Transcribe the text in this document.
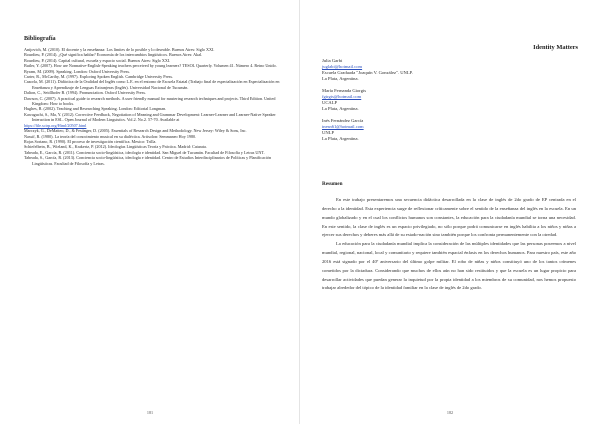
Bibliografía
Anijovich, M. (2010). El docente y la enseñanza: Los límites de lo posible y lo deseable. Buenos Aires: Siglo XXI.
Bourdieu, P. (2014). ¿Qué significa hablar? Economía de los intercambios lingüísticos. Buenos Aires: Akal.
Bourdieu, P. (2014). Capital cultural, escuela y espacio social. Buenos Aires: Siglo XXI.
Butler, Y. (2007). How are Nonnative-English-Speaking teachers perceived by young learners? TESOL Quarterly. Volumen 41. Número 4. Reino Unido.
Byram, M. (2009). Speaking. London: Oxford University Press.
Carter, R., McCarthy, M. (1997). Exploring Spoken English. Cambridge University Press.
Cazorla, M. (2011). Didáctica de la Oralidad del Inglés como L.E. en el entorno de Escuela Estatal (Trabajo final de especialización en Especialización en Enseñanza y Aprendizaje de Lenguas Extranjeras (Inglés). Universidad Nacional de Tucumán.
Dalton, C., Seidlhofer B. (1994). Pronunciation. Oxford University Press.
Dawson, C. (2007). A practical guide to research methods. A user friendly manual for mastering research techniques and projects. Third Edition. United Kingdom: How to books.
Hughes, R. (2002). Teaching and Researching Speaking. London: Editorial Longman.
Kawaguchi, S., Ma, Y. (2012). Corrective Feedback, Negotiation of Meaning and Grammar Development: Learner-Learner and Learner-Native Speaker Interaction in ESL. Open Journal of Modern Linguistics. Vol.2. No.2. 57-70. Available at
https://file.scirp.org/Html/20507.html
Marczyk, G., DeMatteo, D., & Festinger, D. (2005). Essentials of Research Design and Methodology. New Jersey: Wiley & Sons, Inc.
Nassif, R. (1980). La teoría del conocimiento musical en su dialéctica. Artisolon: Semmaneo Hoy 1980.
Rojas Soriano, R. (1990). El proceso de investigación científica. Mexico: Trilla.
Schiefelbein, B., Wieland, K., Krakertz, P. (2012). Ideologías Lingüísticas Teoría y Práctica. Madrid: Catarata.
Tabeada, E., García, R. (2011). Conciencia socio-lingüística, ideología e identidad. San Miguel de Tucumán. Facultad de Filosofía y Letras UNT.
Tabeada, S., García, R. (2013). Conciencia socio-lingüística, ideología e identidad. Centro de Estudios Interdisciplinarios de Políticas y Planificación Lingüísticas. Facultad de Filosofía y Letras.
181
Identity Matters
Julia Garbi
juglabi@hotmail.com
Escuela Graduada "Joaquín V. González". UNLP.
La Plata, Argentina.
María Fernanda Giorgis
fgirgis@hotmail.com
UCALP
La Plata, Argentina.
Inés Fernández García
inesn61@hotmail.com
UNLP
La Plata, Argentina.
Resumen

En este trabajo presentaremos una secuencia didáctica desarrollada en la clase de inglés de 2do grado de EP centrada en el derecho a la identidad. Esta experiencia surge de reflexionar críticamente sobre el sentido de la enseñanza del inglés en la escuela. En un mundo globalizado y en el cual los conflictos humanos son constantes, la educación para la ciudadanía mundial se torna una necesidad. En este sentido, la clase de inglés es un espacio privilegiado, no sólo porque podrá comunicarse en inglés habilita a los niños y niñas a ejercer sus derechos y deberes más allá de su estado-nación sino también porque los confronta permanentemente con la otredad.

La educación para la ciudadanía mundial implica la consideración de las múltiples identidades que las personas poseemos a nivel mundial, regional, nacional, local y comunitario y requiere también espacial énfasis en los derechos humanos. Para nuestro país, este año 2016 está signado por el 40º aniversario del último golpe militar. El robo de niñas y niños constituyó uno de los tantos crímenes cometidos por la dictadura. Considerando que muchos de ellos aún no han sido restituidos y que la escuela es un lugar propicio para desarrollar actividades que puedan generar la inquietud por la propia identidad a los miembros de su comunidad, nos hemos propuesto trabajar alrededor del tópico de la identidad familiar en la clase de inglés de 2do grado.

182
